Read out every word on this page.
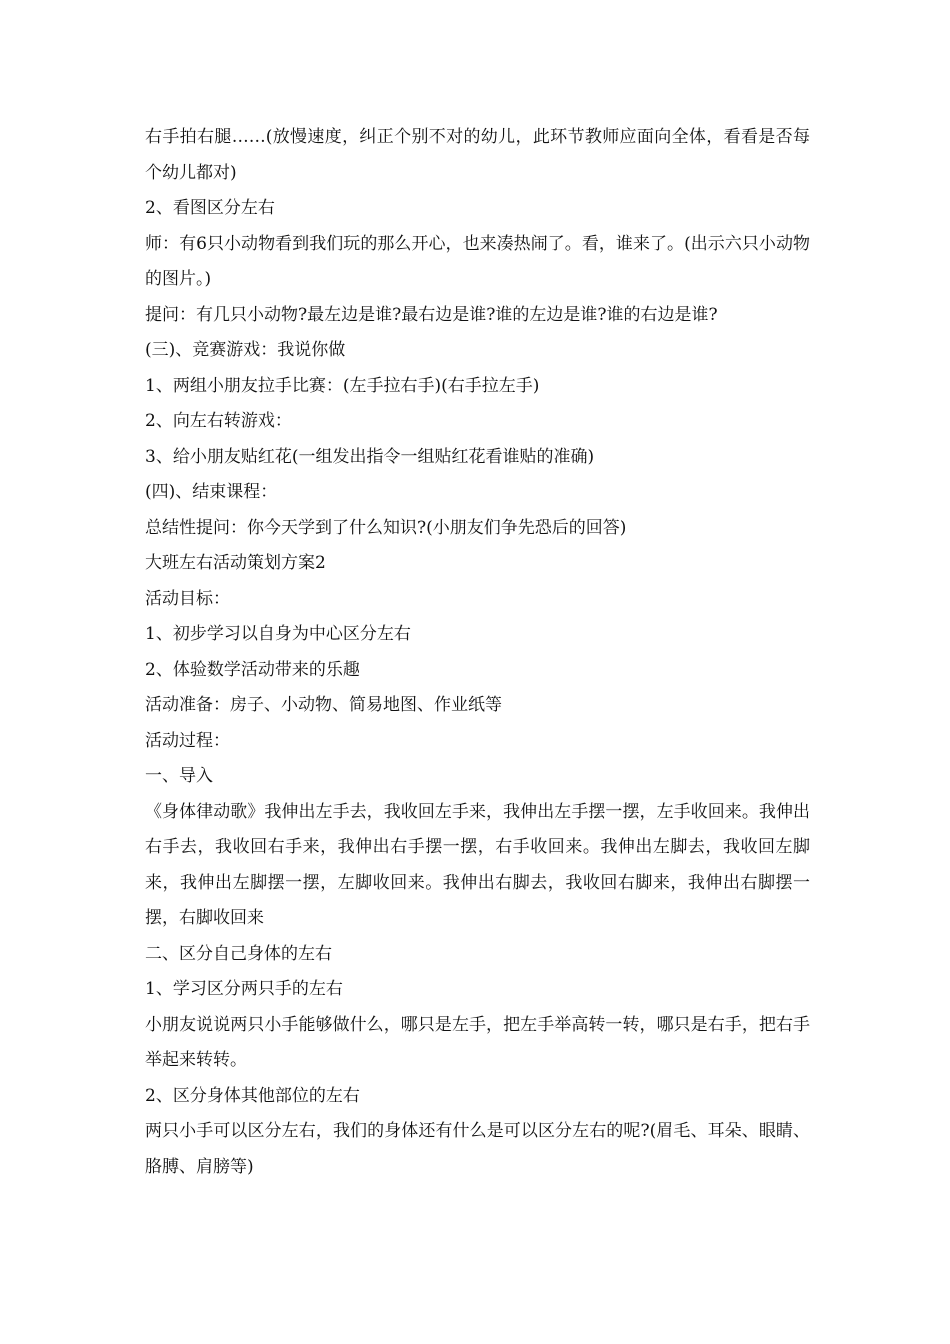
右手拍右腿……(放慢速度，纠正个别不对的幼儿，此环节教师应面向全体，看看是否每个幼儿都对)

2、看图区分左右

师：有6只小动物看到我们玩的那么开心，也来凑热闹了。看，谁来了。(出示六只小动物的图片。)

提问：有几只小动物?最左边是谁?最右边是谁?谁的左边是谁?谁的右边是谁?

(三)、竞赛游戏：我说你做

1、两组小朋友拉手比赛：(左手拉右手)(右手拉左手)

2、向左右转游戏：

3、给小朋友贴红花(一组发出指令一组贴红花看谁贴的准确)

(四)、结束课程：

总结性提问：你今天学到了什么知识?(小朋友们争先恐后的回答)

大班左右活动策划方案2

活动目标：

1、初步学习以自身为中心区分左右

2、体验数学活动带来的乐趣

活动准备：房子、小动物、简易地图、作业纸等

活动过程：

一、导入

《身体律动歌》我伸出左手去，我收回左手来，我伸出左手摆一摆，左手收回来。我伸出右手去，我收回右手来，我伸出右手摆一摆，右手收回来。我伸出左脚去，我收回左脚来，我伸出左脚摆一摆，左脚收回来。我伸出右脚去，我收回右脚来，我伸出右脚摆一摆，右脚收回来

二、区分自己身体的左右

1、学习区分两只手的左右

小朋友说说两只小手能够做什么，哪只是左手，把左手举高转一转，哪只是右手，把右手举起来转转。

2、区分身体其他部位的左右

两只小手可以区分左右，我们的身体还有什么是可以区分左右的呢?(眉毛、耳朵、眼睛、胳膊、肩膀等)
